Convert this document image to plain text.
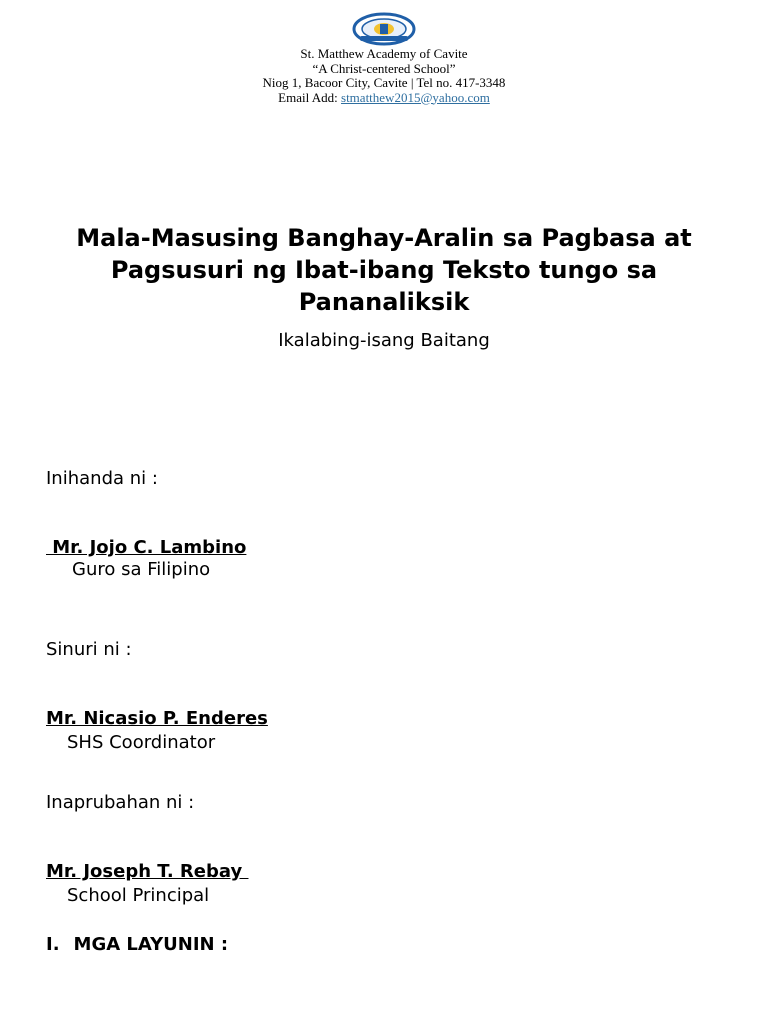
St. Matthew Academy of Cavite
“A Christ-centered School”
Niog 1, Bacoor City, Cavite | Tel no. 417-3348
Email Add: stmatthew2015@yahoo.com
Mala-Masusing Banghay-Aralin sa Pagbasa at Pagsusuri ng Ibat-ibang Teksto tungo sa Pananaliksik
Ikalabing-isang Baitang
Inihanda ni :
Mr. Jojo C. Lambino
Guro sa Filipino
Sinuri ni :
Mr. Nicasio P. Enderes
SHS Coordinator
Inaprubahan ni :
Mr. Joseph T. Rebay
School Principal
I. MGA LAYUNIN :
